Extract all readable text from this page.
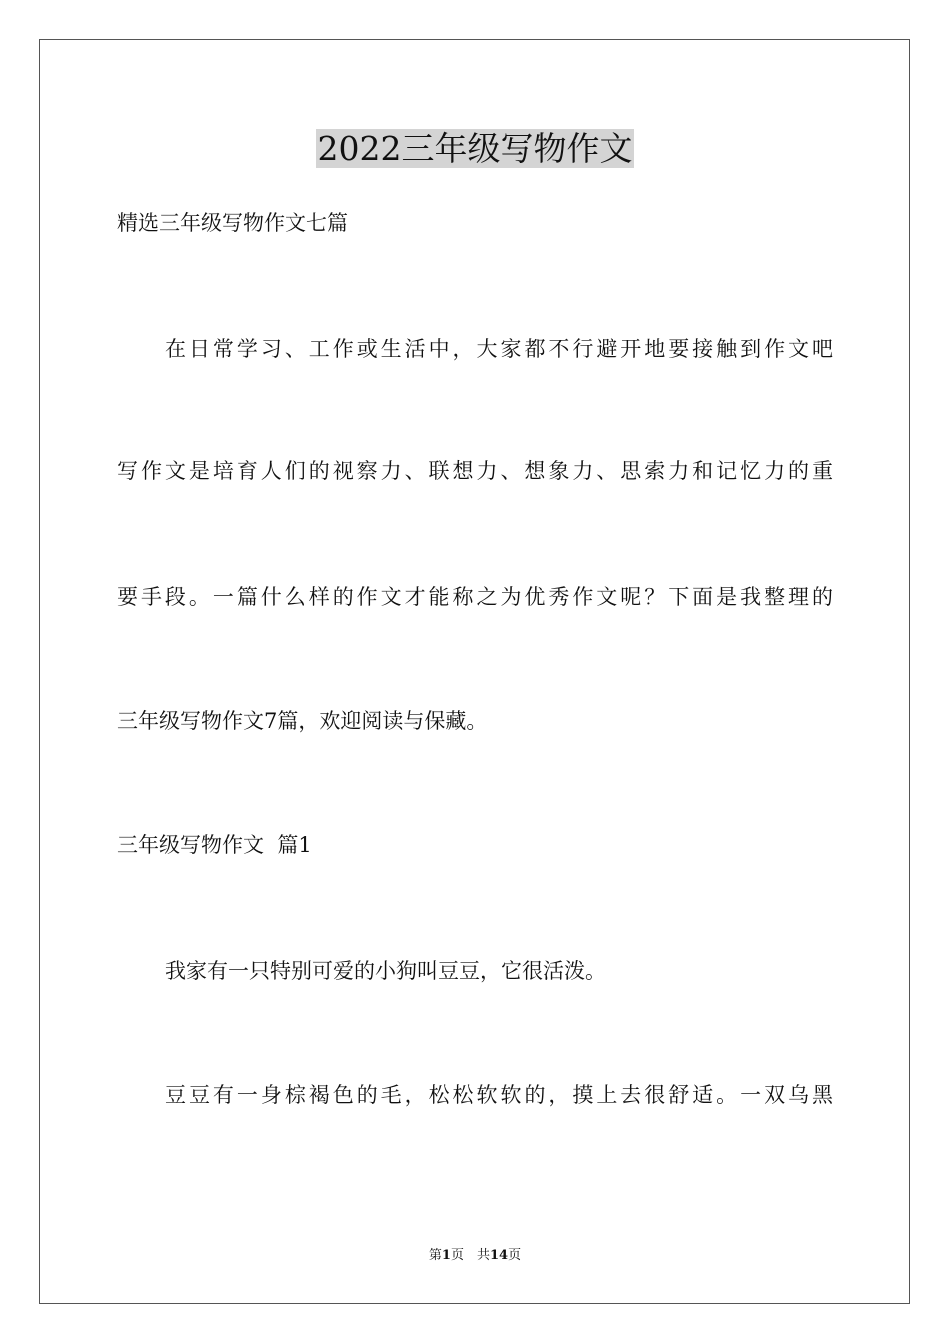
2022三年级写物作文
精选三年级写物作文七篇
在日常学习、工作或生活中，大家都不行避开地要接触到作文吧
写作文是培育人们的视察力、联想力、想象力、思索力和记忆力的重
要手段。一篇什么样的作文才能称之为优秀作文呢？下面是我整理的
三年级写物作文7篇，欢迎阅读与保藏。
三年级写物作文  篇1
我家有一只特别可爱的小狗叫豆豆，它很活泼。
豆豆有一身棕褐色的毛，松松软软的，摸上去很舒适。一双乌黑
第1页　共14页
